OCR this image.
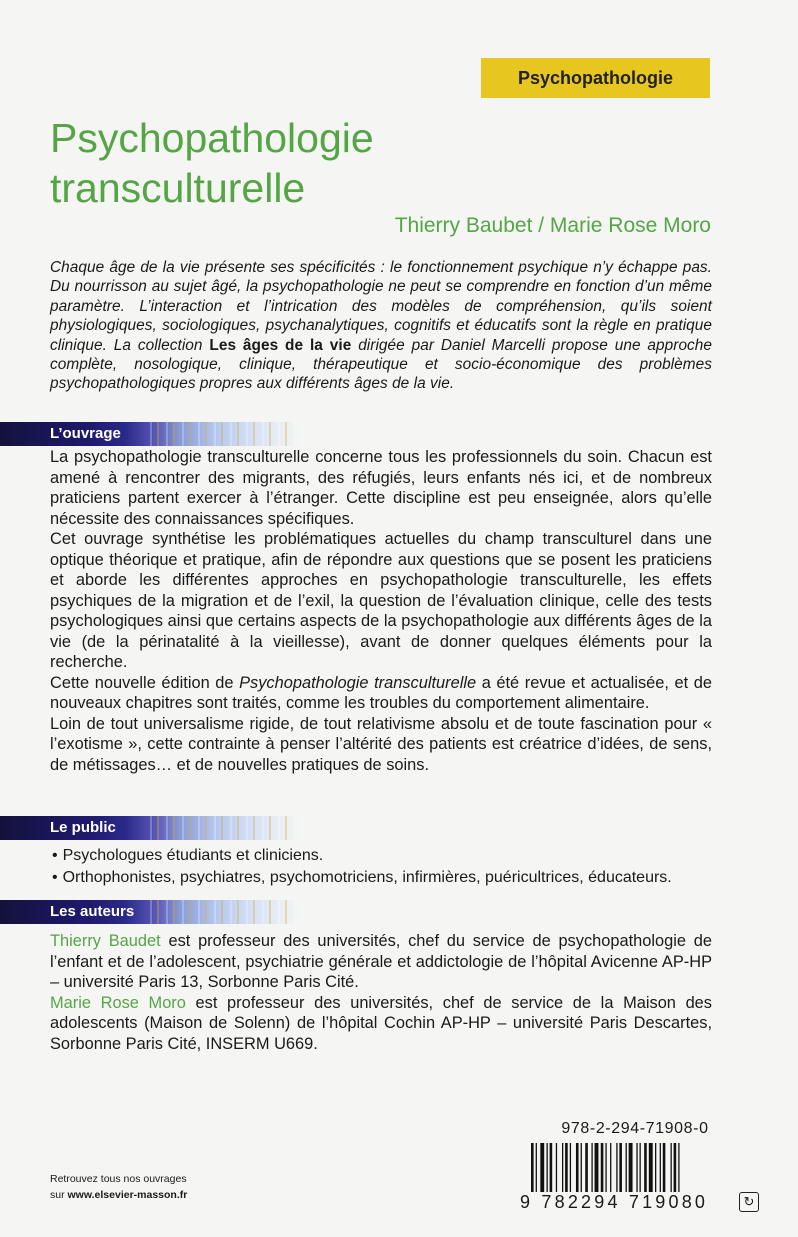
Psychopathologie
Psychopathologie
transculturelle
Thierry Baubet / Marie Rose Moro

Chaque âge de la vie présente ses spécificités : le fonctionnement psychique n’y échappe pas. Du nourrisson au sujet âgé, la psychopathologie ne peut se comprendre en fonction d’un même paramètre. L’interaction et l’intrication des modèles de compréhension, qu’ils soient physiologiques, sociologiques, psychanalytiques, cognitifs et éducatifs sont la règle en pratique clinique. La collection Les âges de la vie dirigée par Daniel Marcelli propose une approche complète, nosologique, clinique, thérapeutique et socio-économique des problèmes psychopathologiques propres aux différents âges de la vie.

L’ouvrage

La psychopathologie transculturelle concerne tous les professionnels du soin. Chacun est amené à rencontrer des migrants, des réfugiés, leurs enfants nés ici, et de nombreux praticiens partent exercer à l’étranger. Cette discipline est peu enseignée, alors qu’elle nécessite des connaissances spécifiques.

Cet ouvrage synthétise les problématiques actuelles du champ transculturel dans une optique théorique et pratique, afin de répondre aux questions que se posent les praticiens et aborde les différentes approches en psychopathologie transculturelle, les effets psychiques de la migration et de l’exil, la question de l’évaluation clinique, celle des tests psychologiques ainsi que certains aspects de la psychopathologie aux différents âges de la vie (de la périnatalité à la vieillesse), avant de donner quelques éléments pour la recherche.

Cette nouvelle édition de Psychopathologie transculturelle a été revue et actualisée, et de nouveaux chapitres sont traités, comme les troubles du comportement alimentaire.

Loin de tout universalisme rigide, de tout relativisme absolu et de toute fascination pour « l’exotisme », cette contrainte à penser l’altérité des patients est créatrice d’idées, de sens, de métissages… et de nouvelles pratiques de soins.

Le public
• Psychologues étudiants et cliniciens.
• Orthophonistes, psychiatres, psychomotriciens, infirmières, puéricultrices, éducateurs.
Les auteurs

Thierry Baudet est professeur des universités, chef du service de psychopathologie de l’enfant et de l’adolescent, psychiatrie générale et addictologie de l’hôpital Avicenne AP-HP – université Paris 13, Sorbonne Paris Cité.

Marie Rose Moro est professeur des universités, chef de service de la Maison des adolescents (Maison de Solenn) de l’hôpital Cochin AP-HP – université Paris Descartes, Sorbonne Paris Cité, INSERM U669.

978-2-294-71908-0
9 782294 719080	↻
Retrouvez tous nos ouvrages
sur www.elsevier-masson.fr
